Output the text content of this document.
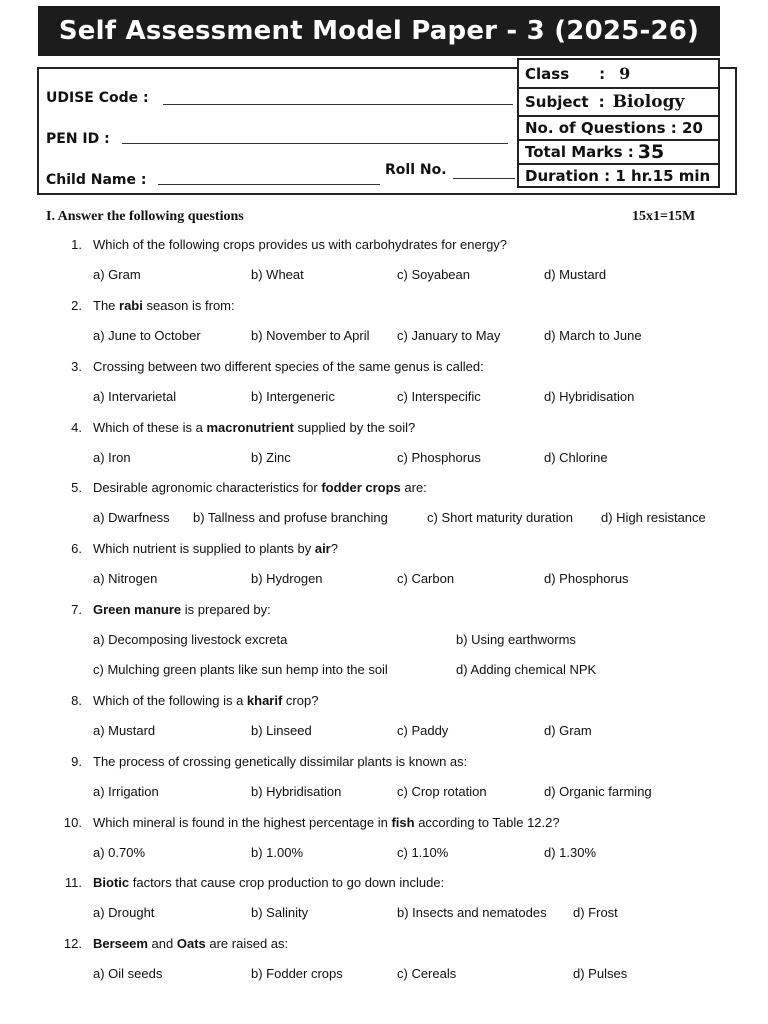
Self Assessment Model Paper - 3 (2025-26)
UDISE Code :
PEN ID :
Child Name :
Roll No.
Class : 9
Subject : Biology
No. of Questions : 20
Total Marks : 35
Duration : 1 hr.15 min
I. Answer the following questions	15x1=15M
1. Which of the following crops provides us with carbohydrates for energy?
a) Gram	b) Wheat	c) Soyabean	d) Mustard
2. The rabi season is from:
a) June to October	b) November to April c) January to May	d) March to June
3. Crossing between two different species of the same genus is called:
a) Intervarietal	b) Intergeneric	c) Interspecific	d) Hybridisation
4. Which of these is a macronutrient supplied by the soil?
a) Iron	b) Zinc	c) Phosphorus	d) Chlorine
5. Desirable agronomic characteristics for fodder crops are:
a) Dwarfness b) Tallness and profuse branching	c) Short maturity duration d) High resistance
6. Which nutrient is supplied to plants by air?
a) Nitrogen	b) Hydrogen	c) Carbon	d) Phosphorus
7. Green manure is prepared by:
a) Decomposing livestock excreta	b) Using earthworms
c) Mulching green plants like sun hemp into the soil	d) Adding chemical NPK
8. Which of the following is a kharif crop?
a) Mustard	b) Linseed	c) Paddy	d) Gram
9. The process of crossing genetically dissimilar plants is known as:
a) Irrigation	b) Hybridisation	c) Crop rotation	d) Organic farming
10. Which mineral is found in the highest percentage in fish according to Table 12.2?
a) 0.70%	b) 1.00%	c) 1.10%	d) 1.30%
11. Biotic factors that cause crop production to go down include:
a) Drought	b) Salinity	b) Insects and nematodes d) Frost
12. Berseem and Oats are raised as:
a) Oil seeds	b) Fodder crops	c) Cereals	d) Pulses
